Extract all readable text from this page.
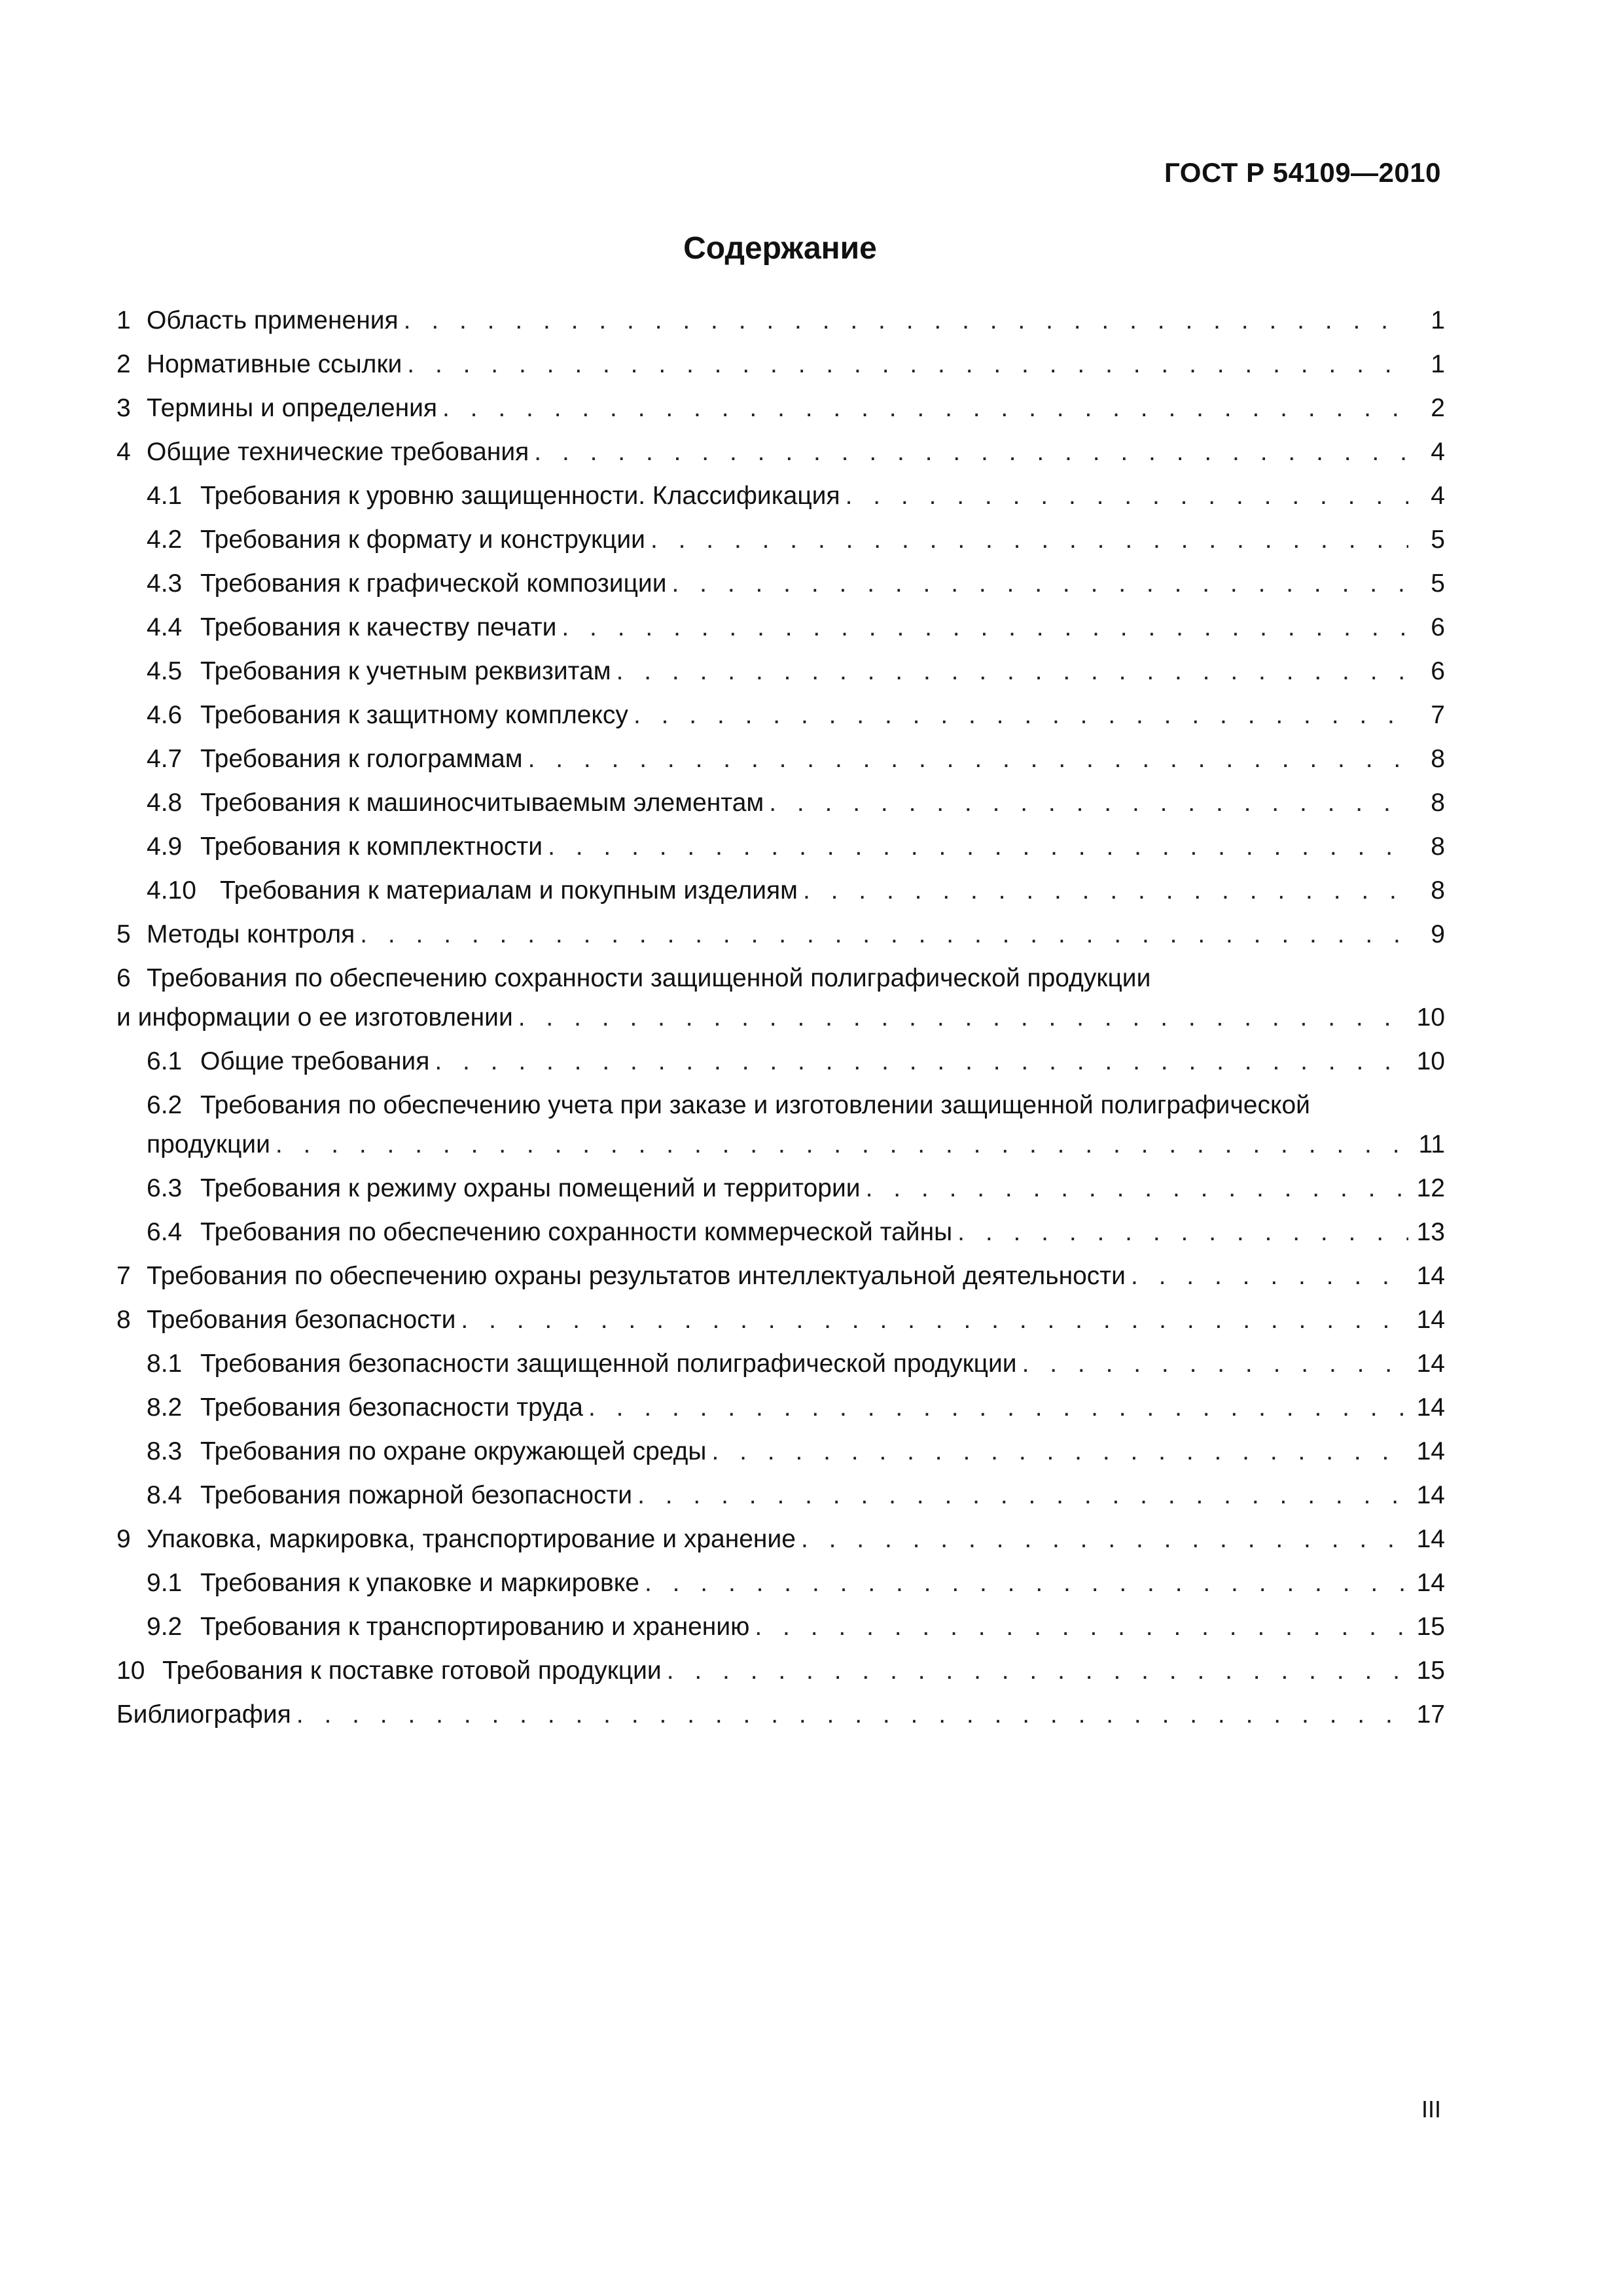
ГОСТ Р 54109—2010
Содержание
1 Область применения . . .	1
2 Нормативные ссылки . . .	1
3 Термины и определения . . .	2
4 Общие технические требования . . .	4
4.1 Требования к уровню защищенности. Классификация . . .	4
4.2 Требования к формату и конструкции . . .	5
4.3 Требования к графической композиции . . .	5
4.4 Требования к качеству печати . . .	6
4.5 Требования к учетным реквизитам . . .	6
4.6 Требования к защитному комплексу . . .	7
4.7 Требования к голограммам . . .	8
4.8 Требования к машиносчитываемым элементам . . .	8
4.9 Требования к комплектности . . .	8
4.10 Требования к материалам и покупным изделиям . . .	8
5 Методы контроля . . .	9
6 Требования по обеспечению сохранности защищенной полиграфической продукции
и информации о ее изготовлении . . .	10
6.1 Общие требования . . .	10
6.2 Требования по обеспечению учета при заказе и изготовлении защищенной полиграфической
продукции . . .	11
6.3 Требования к режиму охраны помещений и территории . . .	12
6.4 Требования по обеспечению сохранности коммерческой тайны . . .	13
7 Требования по обеспечению охраны результатов интеллектуальной деятельности . . .	14
8 Требования безопасности . . .	14
8.1 Требования безопасности защищенной полиграфической продукции . . .	14
8.2 Требования безопасности труда . . .	14
8.3 Требования по охране окружающей среды . . .	14
8.4 Требования пожарной безопасности . . .	14
9 Упаковка, маркировка, транспортирование и хранение . . .	14
9.1 Требования к упаковке и маркировке . . .	14
9.2 Требования к транспортированию и хранению . . .	15
10 Требования к поставке готовой продукции . . .	15
Библиография . . .	17
III
